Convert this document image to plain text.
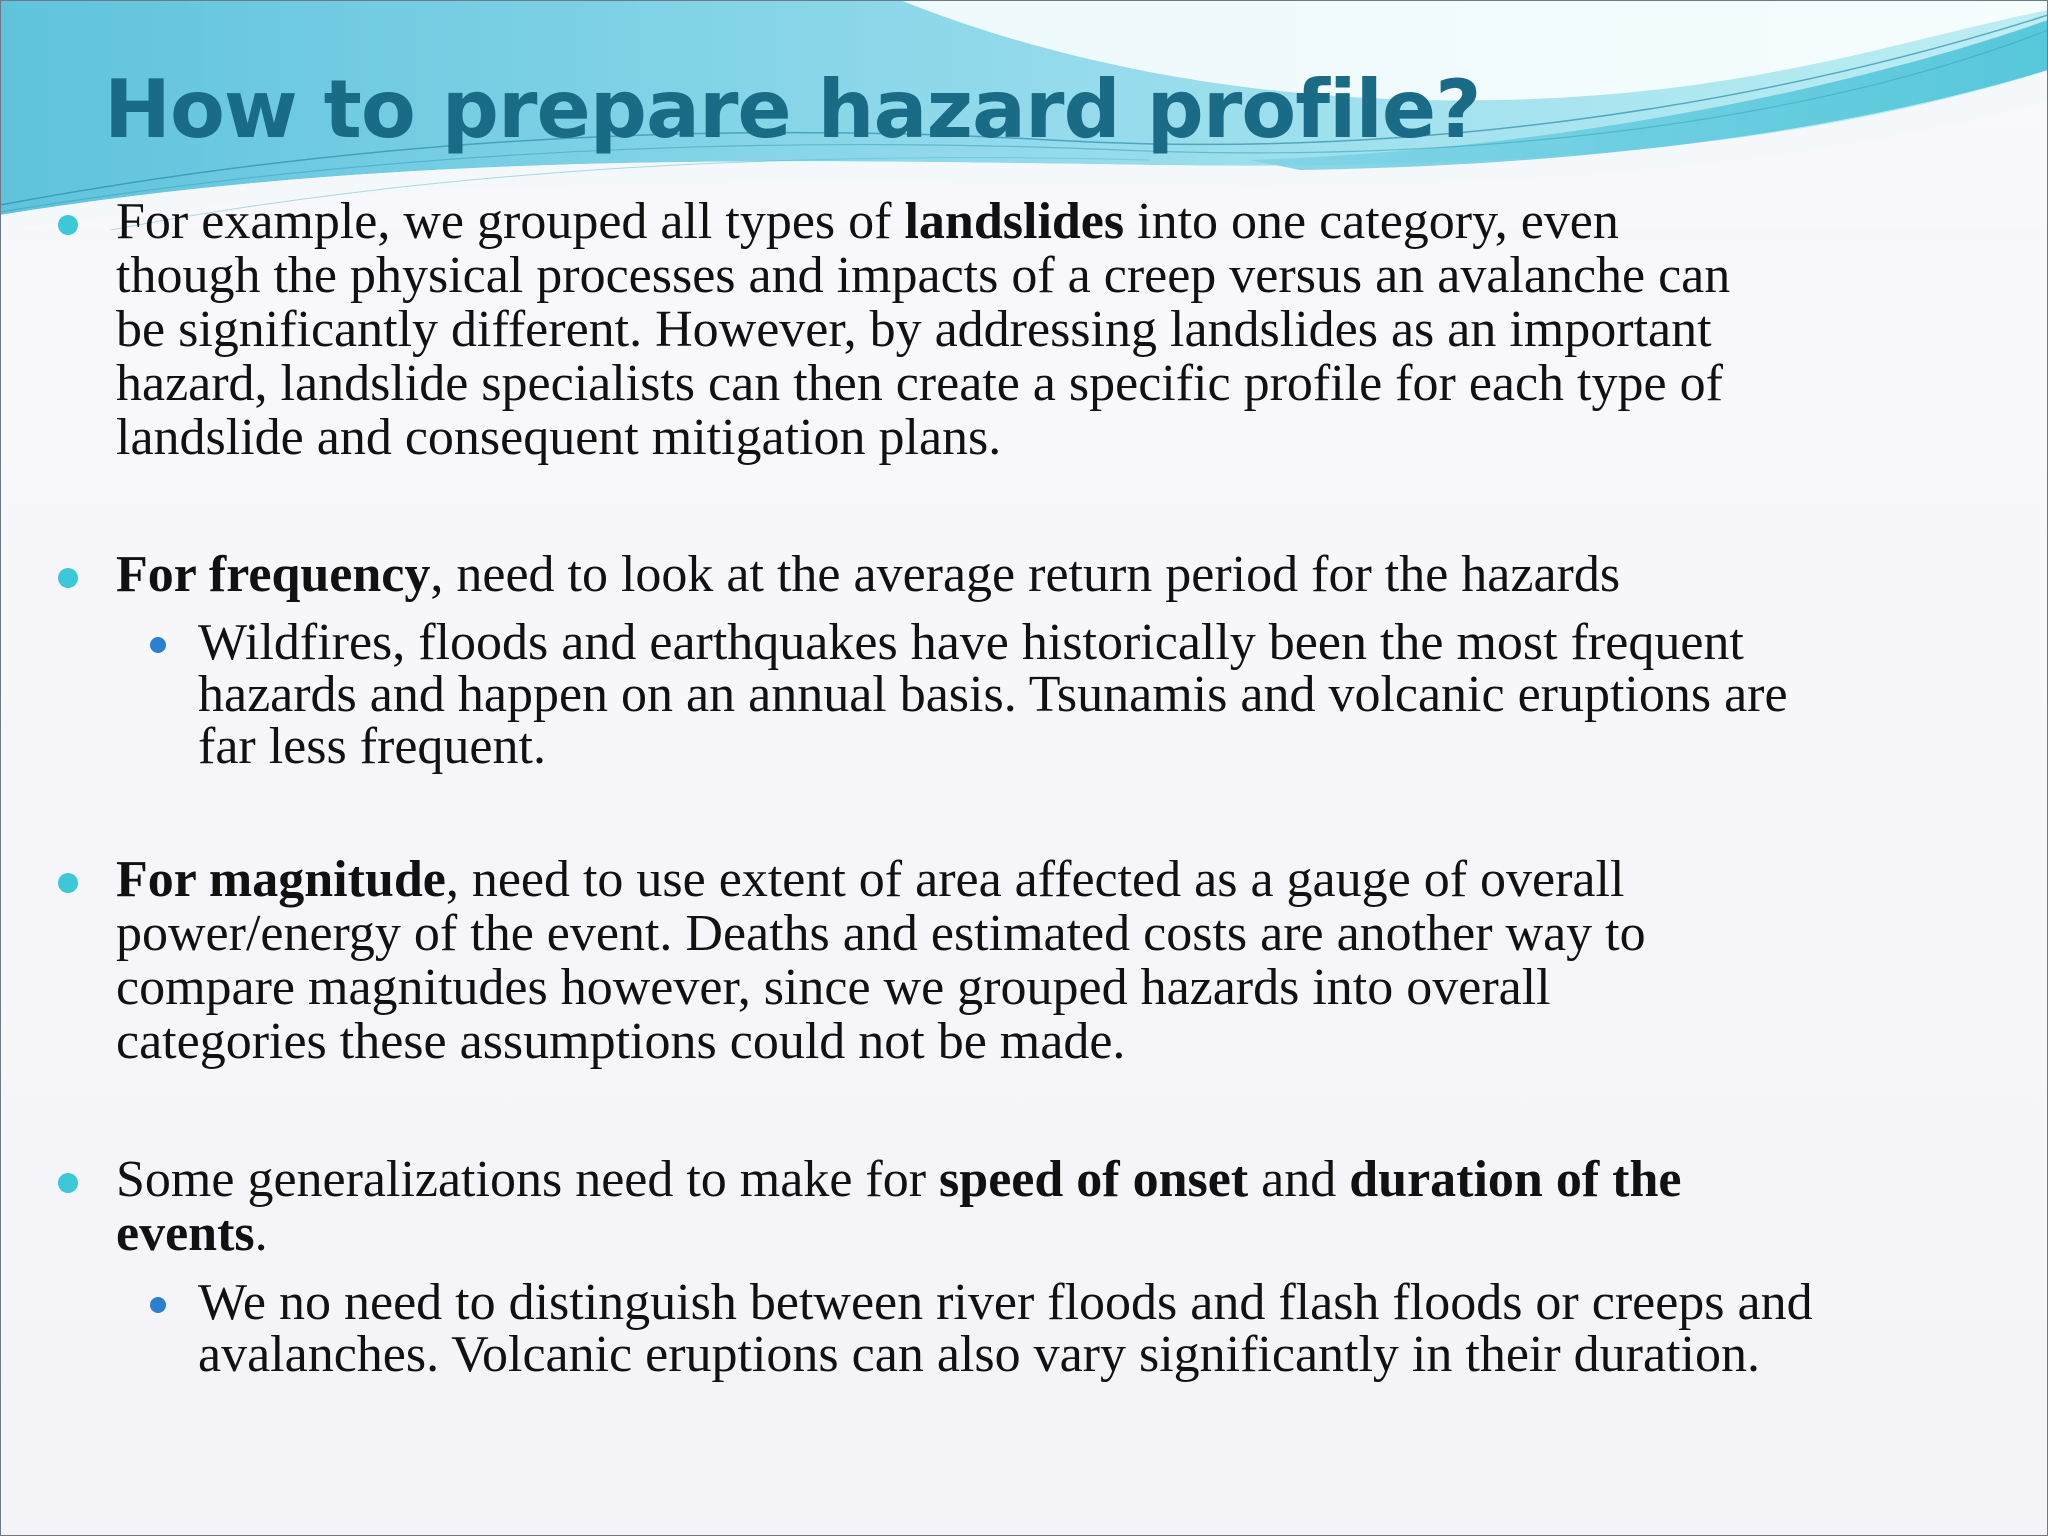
How to prepare hazard profile?
For example, we grouped all types of landslides into one category, even
though the physical processes and impacts of a creep versus an avalanche can
be significantly different. However, by addressing landslides as an important
hazard, landslide specialists can then create a specific profile for each type of
landslide and consequent mitigation plans.
For frequency, need to look at the average return period for the hazards
Wildfires, floods and earthquakes have historically been the most frequent
hazards and happen on an annual basis. Tsunamis and volcanic eruptions are
far less frequent.
For magnitude, need to use extent of area affected as a gauge of overall
power/energy of the event. Deaths and estimated costs are another way to
compare magnitudes however, since we grouped hazards into overall
categories these assumptions could not be made.
Some generalizations need to make for speed of onset and duration of the
events.
We no need to distinguish between river floods and flash floods or creeps and
avalanches. Volcanic eruptions can also vary significantly in their duration.
